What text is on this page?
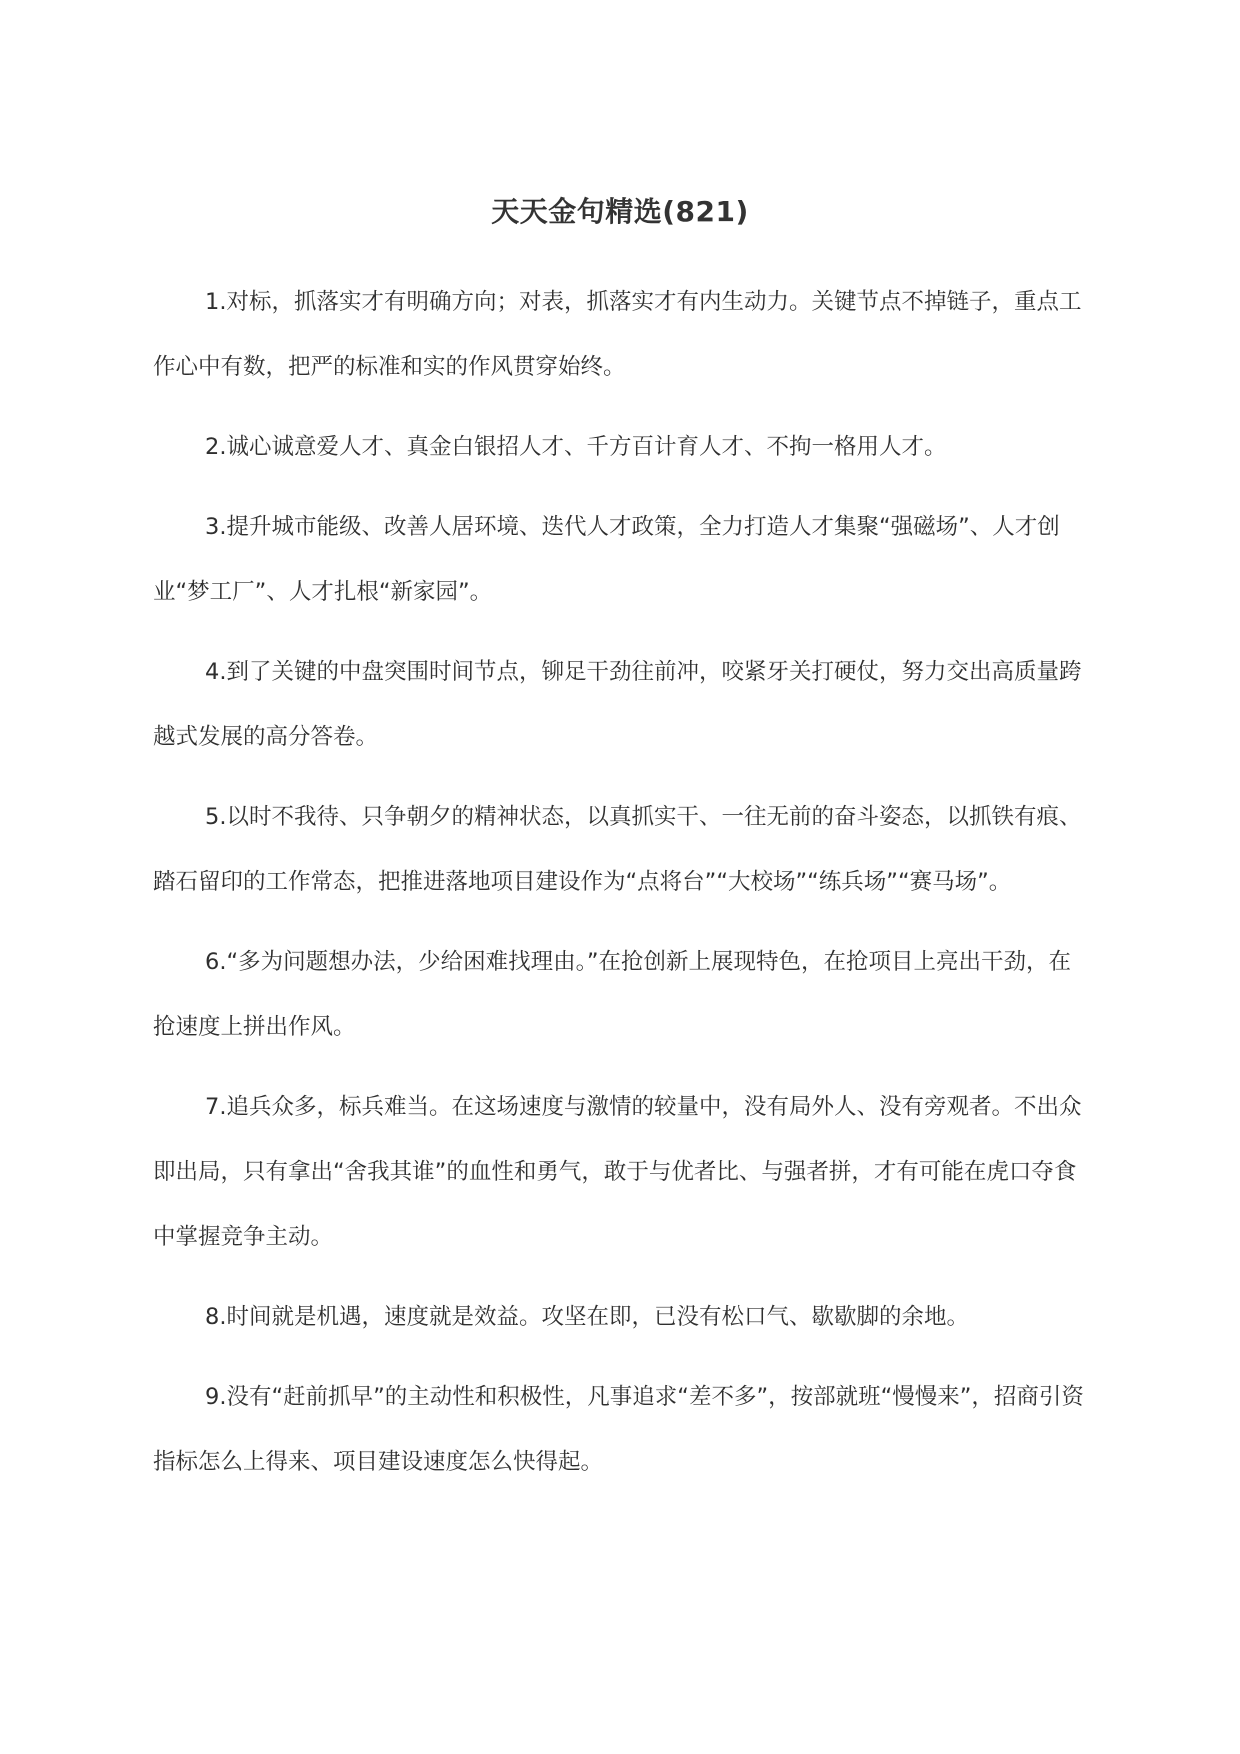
天天金句精选(821)

1.对标，抓落实才有明确方向；对表，抓落实才有内生动力。关键节点不掉链子，重点工作心中有数，把严的标准和实的作风贯穿始终。

2.诚心诚意爱人才、真金白银招人才、千方百计育人才、不拘一格用人才。

3.提升城市能级、改善人居环境、迭代人才政策，全力打造人才集聚“强磁场”、人才创业“梦工厂”、人才扎根“新家园”。

4.到了关键的中盘突围时间节点，铆足干劲往前冲，咬紧牙关打硬仗，努力交出高质量跨越式发展的高分答卷。

5.以时不我待、只争朝夕的精神状态，以真抓实干、一往无前的奋斗姿态，以抓铁有痕、踏石留印的工作常态，把推进落地项目建设作为“点将台”“大校场”“练兵场”“赛马场”。

6.“多为问题想办法，少给困难找理由。”在抢创新上展现特色，在抢项目上亮出干劲，在抢速度上拼出作风。

7.追兵众多，标兵难当。在这场速度与激情的较量中，没有局外人、没有旁观者。不出众即出局，只有拿出“舍我其谁”的血性和勇气，敢于与优者比、与强者拼，才有可能在虎口夺食中掌握竞争主动。

8.时间就是机遇，速度就是效益。攻坚在即，已没有松口气、歇歇脚的余地。

9.没有“赶前抓早”的主动性和积极性，凡事追求“差不多”，按部就班“慢慢来”，招商引资指标怎么上得来、项目建设速度怎么快得起。
